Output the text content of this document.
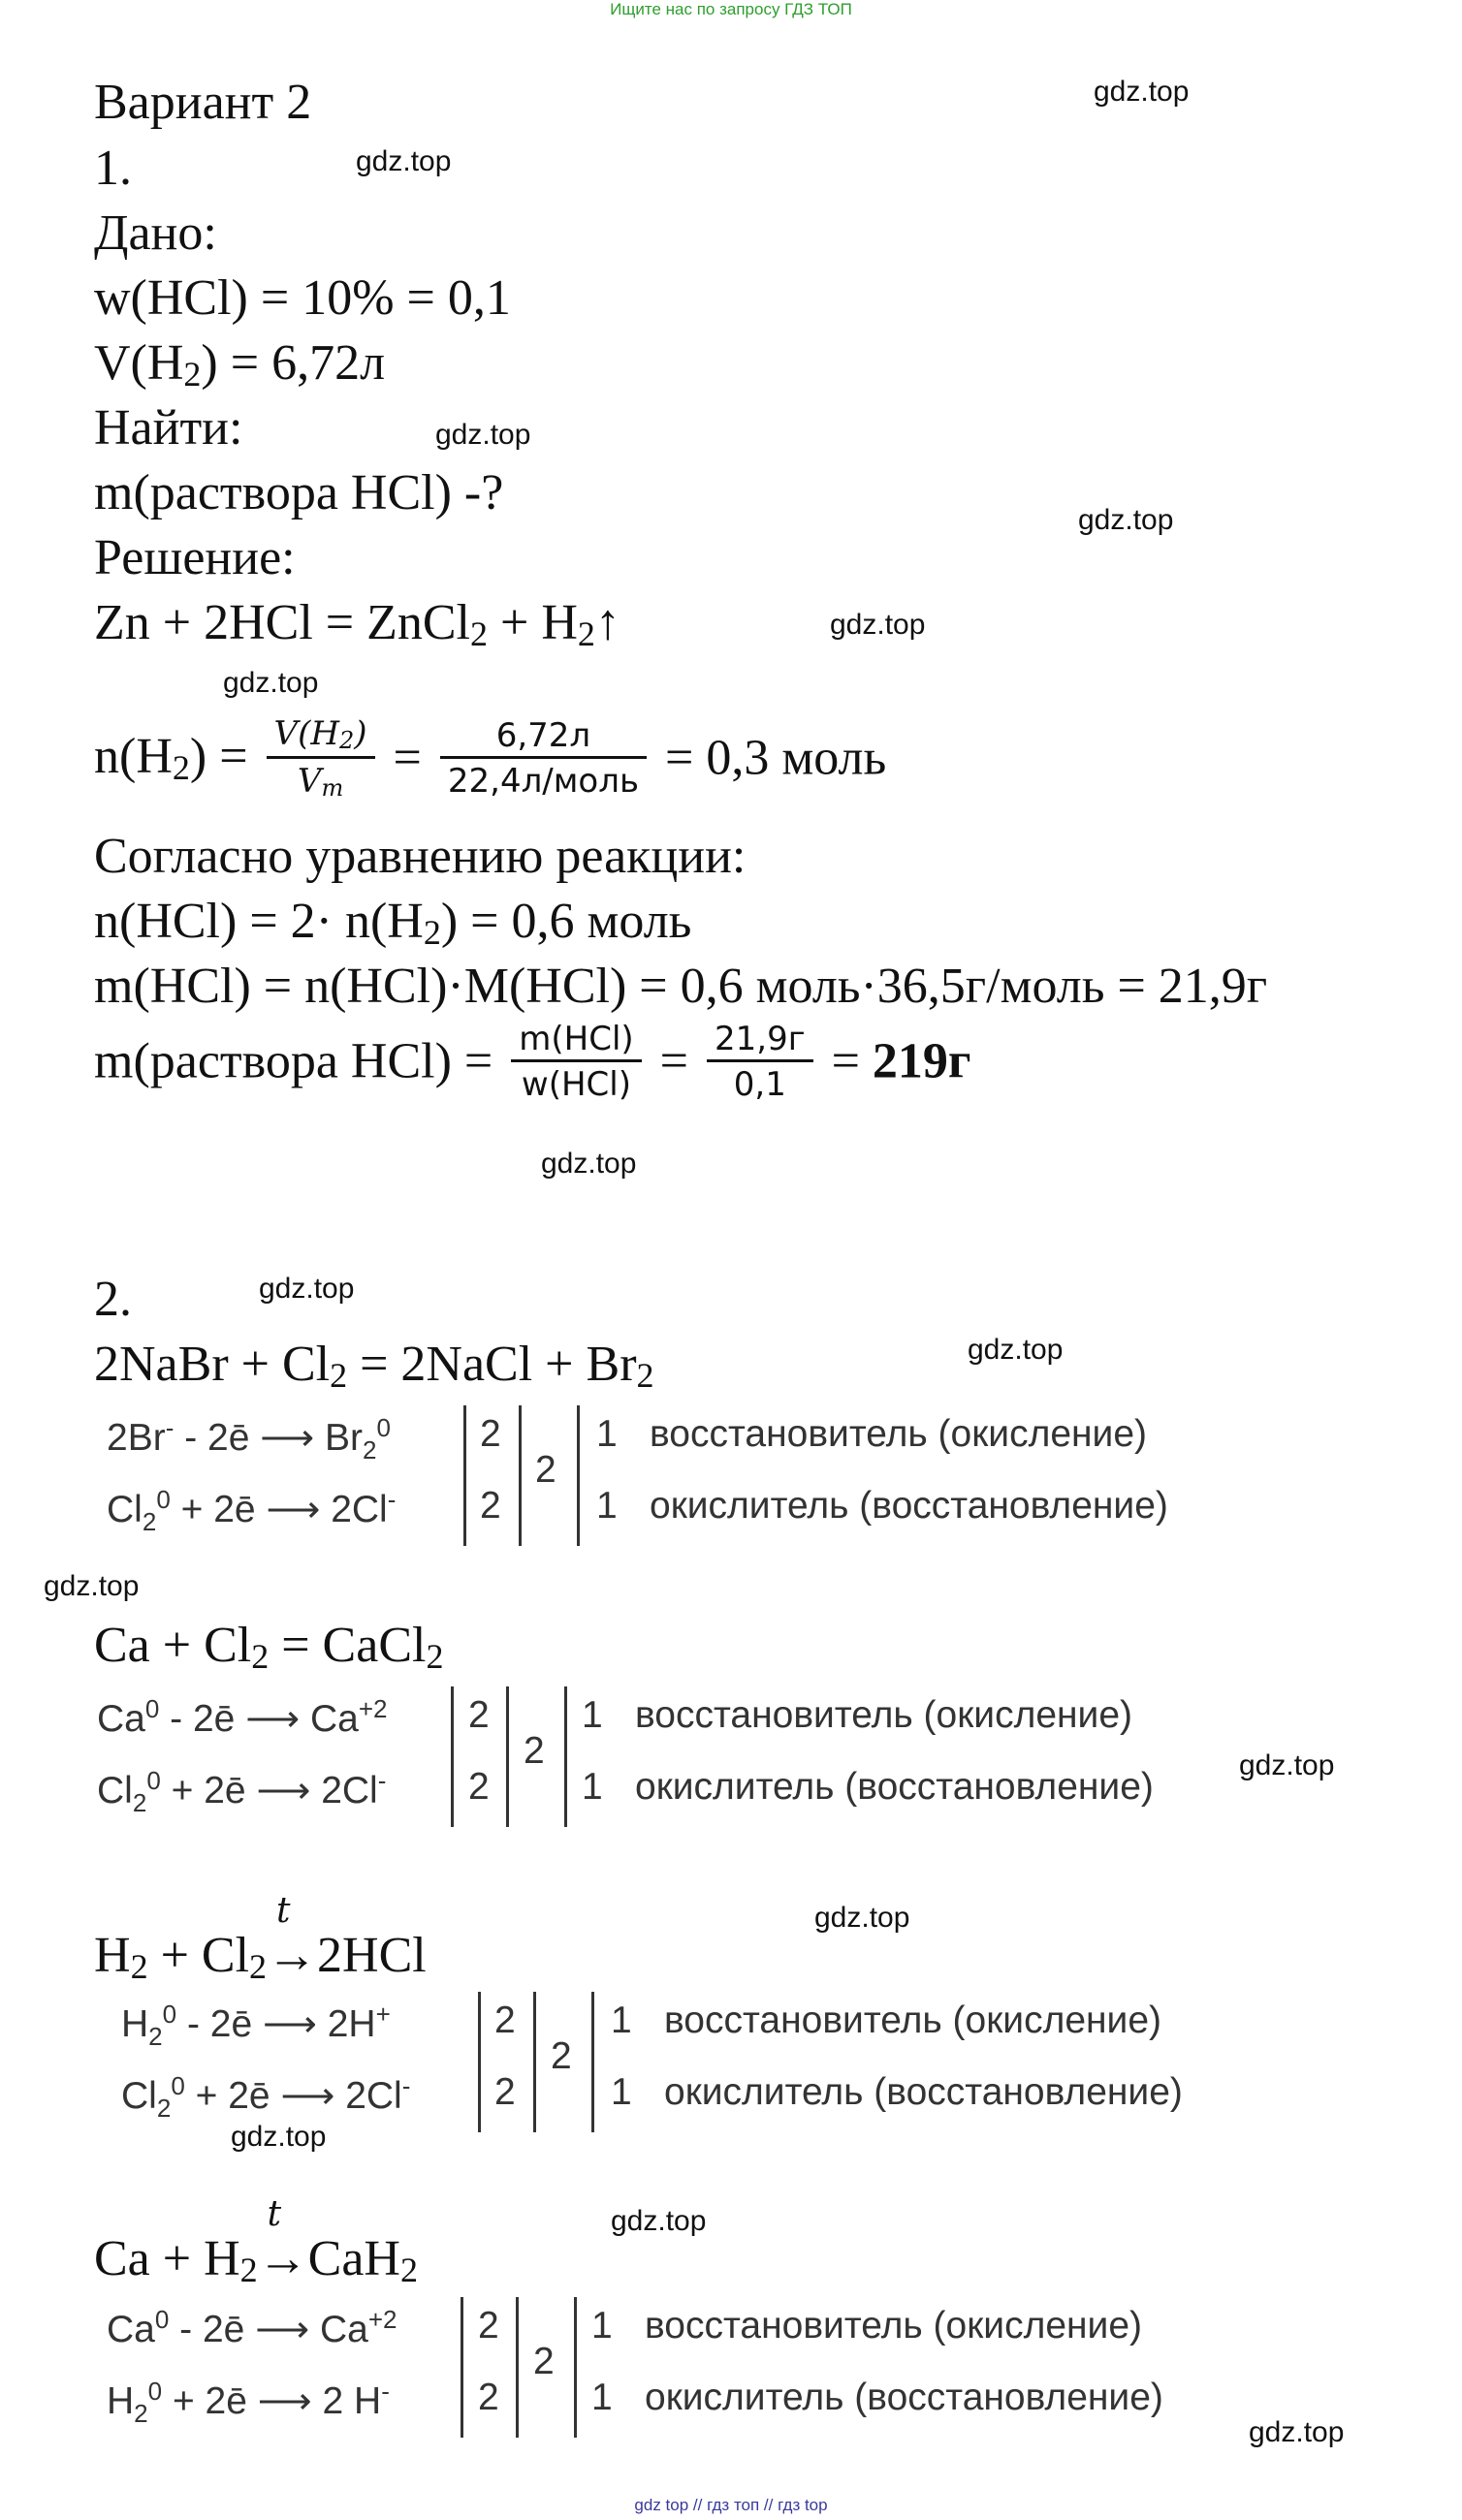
Ищите нас по запросу ГДЗ ТОП
gdz.top
gdz.top
gdz.top
gdz.top
gdz.top
gdz.top
gdz.top
gdz.top
gdz.top
gdz.top
gdz.top
gdz.top
gdz.top
gdz.top
gdz.top
Вариант 2
1.
Дано:
w(HCl) = 10% = 0,1
$V(H_2) = 6,72л$
Найти:
m(раствора HCl) -?
Решение:
Zn + 2HCl = ZnCl$_2$ + $H_2↑$
$n(H_2) = \frac{V(H_2)}{V_m} = \frac{6,72л}{\text{22,4л/моль}} = 0,3$ моль
Согласно уравнению реакции:
$n(HCl) = 2\cdot n(H_2) = 0,6$ моль
m(HCl) = n(HCl)·M(HCl) = 0,6 моль·36,5г/моль = 21,9г
m(раствора $HCl) = \frac{\text{m(HCl)}}{\text{w(HCl)}} = \frac{21,9г}{0,1} = 219г$
2.
2NaBr + $Cl_2$ = 2NaCl + $Br_2$
2Br- - 2ē ⟶ $Br_2^0$
$Cl_2^0$ + 2ē ⟶ 2Cl-
2
2
2
1
1
восстановитель (окисление)
окислитель (восстановление)
$Ca + Cl_2$ = CaCl$_2$
Ca$^0$ - 2ē ⟶ $Ca^{+2}$
$Cl_2^0$ + 2ē ⟶ 2Cl-
2
2
2
1
1
восстановитель (окисление)
окислитель (восстановление)
$H_2 + Cl_2$
t
→2HCl
$H_2^0$ - 2ē ⟶ 2H+
$Cl_2^0$ + 2ē ⟶ 2Cl-
2
2
2
1
1
восстановитель (окисление)
окислитель (восстановление)
$Ca + H_2$
t
→CaH$_2$
Ca$^0$ - 2ē ⟶ $Ca^{+2}$
$H_2^0$ + 2ē ⟶ 2 H-
2
2
2
1
1
восстановитель (окисление)
окислитель (восстановление)
gdz top // гдз топ // гдз top
